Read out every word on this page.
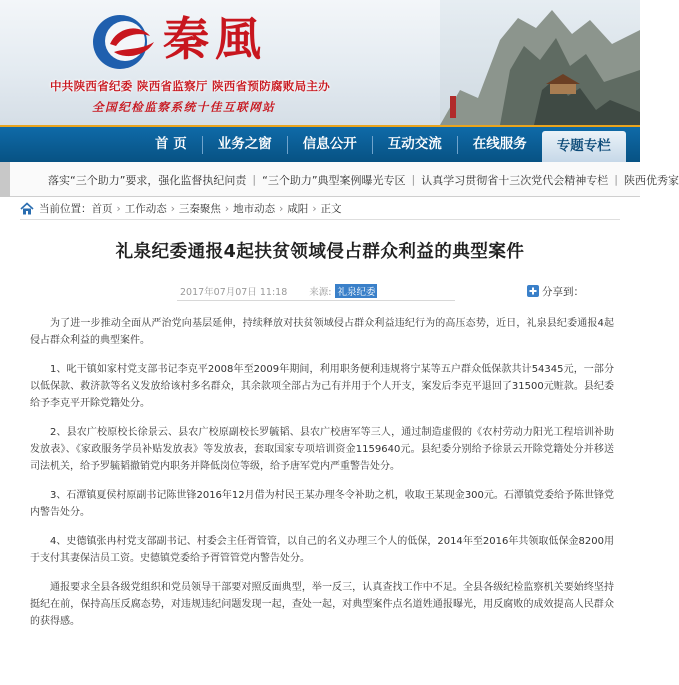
秦風
中共陕西省纪委 陕西省监察厅 陕西省预防腐败局主办
全国纪检监察系统十佳互联网站
首 页	业务之窗	信息公开	互动交流	在线服务	专题专栏
落实“三个助力”要求，强化监督执纪问责 | “三个助力”典型案例曝光专区 | 认真学习贯彻省十三次党代会精神专栏 | 陕西优秀家
当前位置： 首页 › 工作动态 › 三秦聚焦 › 地市动态 › 咸阳 › 正文
礼泉纪委通报4起扶贫领域侵占群众利益的典型案件
2017年07月07日 11:18 来源: 礼泉纪委	分享到：

为了进一步推动全面从严治党向基层延伸，持续释放对扶贫领域侵占群众利益违纪行为的高压态势，近日，礼泉县纪委通报4起侵占群众利益的典型案件。

1、叱干镇如家村党支部书记李克平2008年至2009年期间，利用职务便利违规将宁某等五户群众低保款共计54345元，一部分以低保款、救济款等名义发放给该村多名群众，其余款项全部占为己有并用于个人开支，案发后李克平退回了31500元赃款。县纪委给予李克平开除党籍处分。

2、县农广校原校长徐景云、县农广校原副校长罗毓韬、县农广校唐军等三人，通过制造虚假的《农村劳动力阳光工程培训补助发放表》、《家政服务学员补贴发放表》等发放表，套取国家专项培训资金1159640元。县纪委分别给予徐景云开除党籍处分并移送司法机关，给予罗毓韬撤销党内职务并降低岗位等级，给予唐军党内严重警告处分。

3、石潭镇夏侯村原副书记陈世锋2016年12月借为村民王某办理冬令补助之机，收取王某现金300元。石潭镇党委给予陈世锋党内警告处分。

4、史德镇张冉村党支部副书记、村委会主任胥管管，以自己的名义办理三个人的低保，2014年至2016年共领取低保金8200用于支付其妻保洁员工资。史德镇党委给予胥管管党内警告处分。

通报要求全县各级党组织和党员领导干部要对照反面典型，举一反三，认真查找工作中不足。全县各级纪检监察机关要始终坚持挺纪在前，保持高压反腐态势，对违规违纪问题发现一起，查处一起，对典型案件点名道姓通报曝光，用反腐败的成效提高人民群众的获得感。
